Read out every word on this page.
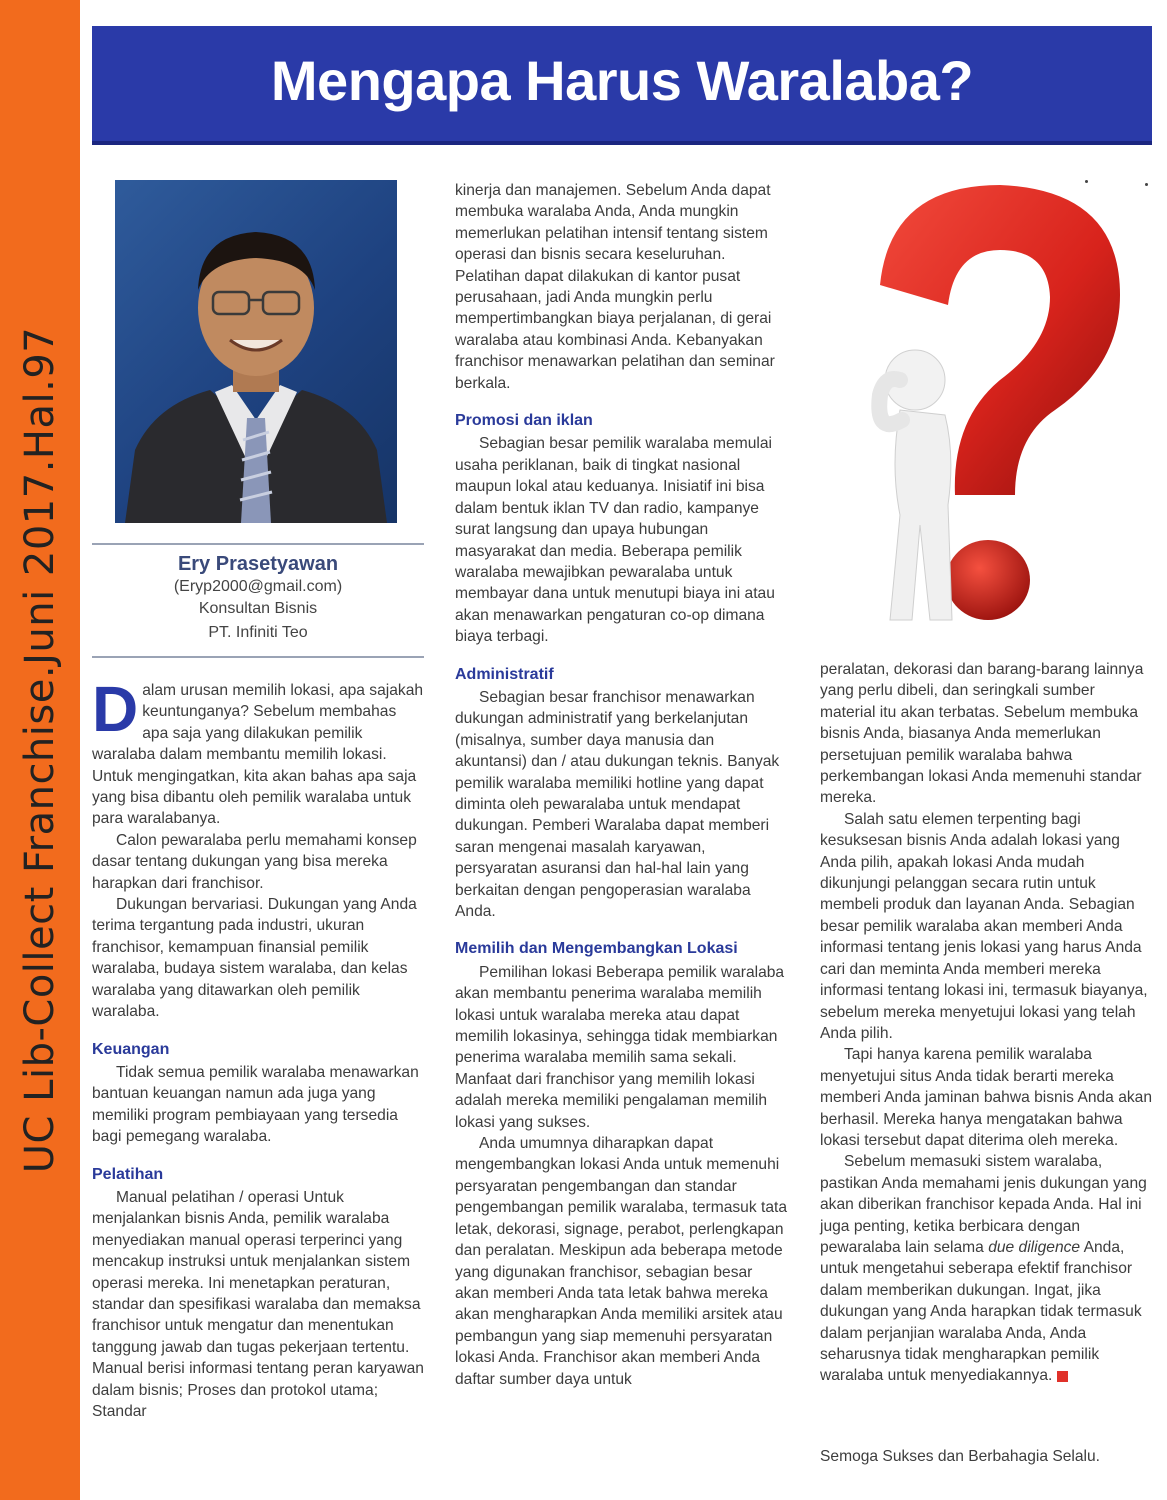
UC Lib-Collect Franchise.Juni 2017.Hal.97
Mengapa Harus Waralaba?
Ery Prasetyawan
(Eryp2000@gmail.com)
Konsultan Bisnis
PT. Infiniti Teo

Dalam urusan memilih lokasi, apa sajakah keuntunganya? Sebelum membahas apa saja yang dilakukan pemilik waralaba dalam membantu memilih lokasi. Untuk mengingatkan, kita akan bahas apa saja yang bisa dibantu oleh pemilik waralaba untuk para waralabanya.

Calon pewaralaba perlu memahami konsep dasar tentang dukungan yang bisa mereka harapkan dari franchisor.

Dukungan bervariasi. Dukungan yang Anda terima tergantung pada industri, ukuran franchisor, kemampuan finansial pemilik waralaba, budaya sistem waralaba, dan kelas waralaba yang ditawarkan oleh pemilik waralaba.

Keuangan

Tidak semua pemilik waralaba menawarkan bantuan keuangan namun ada juga yang memiliki program pembiayaan yang tersedia bagi pemegang waralaba.

Pelatihan

Manual pelatihan / operasi Untuk menjalankan bisnis Anda, pemilik waralaba menyediakan manual operasi terperinci yang mencakup instruksi untuk menjalankan sistem operasi mereka. Ini menetapkan peraturan, standar dan spesifikasi waralaba dan memaksa franchisor untuk mengatur dan menentukan tanggung jawab dan tugas pekerjaan tertentu. Manual berisi informasi tentang peran karyawan dalam bisnis; Proses dan protokol utama; Standar

kinerja dan manajemen. Sebelum Anda dapat membuka waralaba Anda, Anda mungkin memerlukan pelatihan intensif tentang sistem operasi dan bisnis secara keseluruhan. Pelatihan dapat dilakukan di kantor pusat perusahaan, jadi Anda mungkin perlu mempertimbangkan biaya perjalanan, di gerai waralaba atau kombinasi Anda. Kebanyakan franchisor menawarkan pelatihan dan seminar berkala.

Promosi dan iklan

Sebagian besar pemilik waralaba memulai usaha periklanan, baik di tingkat nasional maupun lokal atau keduanya. Inisiatif ini bisa dalam bentuk iklan TV dan radio, kampanye surat langsung dan upaya hubungan masyarakat dan media. Beberapa pemilik waralaba mewajibkan pewaralaba untuk membayar dana untuk menutupi biaya ini atau akan menawarkan pengaturan co-op dimana biaya terbagi.

Administratif

Sebagian besar franchisor menawarkan dukungan administratif yang berkelanjutan (misalnya, sumber daya manusia dan akuntansi) dan / atau dukungan teknis. Banyak pemilik waralaba memiliki hotline yang dapat diminta oleh pewaralaba untuk mendapat dukungan. Pemberi Waralaba dapat memberi saran mengenai masalah karyawan, persyaratan asuransi dan hal-hal lain yang berkaitan dengan pengoperasian waralaba Anda.

Memilih dan Mengembangkan Lokasi

Pemilihan lokasi Beberapa pemilik waralaba akan membantu penerima waralaba memilih lokasi untuk waralaba mereka atau dapat memilih lokasinya, sehingga tidak membiarkan penerima waralaba memilih sama sekali. Manfaat dari franchisor yang memilih lokasi adalah mereka memiliki pengalaman memilih lokasi yang sukses.

Anda umumnya diharapkan dapat mengembangkan lokasi Anda untuk memenuhi persyaratan pengembangan dan standar pengembangan pemilik waralaba, termasuk tata letak, dekorasi, signage, perabot, perlengkapan dan peralatan. Meskipun ada beberapa metode yang digunakan franchisor, sebagian besar akan memberi Anda tata letak bahwa mereka akan mengharapkan Anda memiliki arsitek atau pembangun yang siap memenuhi persyaratan lokasi Anda. Franchisor akan memberi Anda daftar sumber daya untuk

peralatan, dekorasi dan barang-barang lainnya yang perlu dibeli, dan seringkali sumber material itu akan terbatas. Sebelum membuka bisnis Anda, biasanya Anda memerlukan persetujuan pemilik waralaba bahwa perkembangan lokasi Anda memenuhi standar mereka.

Salah satu elemen terpenting bagi kesuksesan bisnis Anda adalah lokasi yang Anda pilih, apakah lokasi Anda mudah dikunjungi pelanggan secara rutin untuk membeli produk dan layanan Anda. Sebagian besar pemilik waralaba akan memberi Anda informasi tentang jenis lokasi yang harus Anda cari dan meminta Anda memberi mereka informasi tentang lokasi ini, termasuk biayanya, sebelum mereka menyetujui lokasi yang telah Anda pilih.

Tapi hanya karena pemilik waralaba menyetujui situs Anda tidak berarti mereka memberi Anda jaminan bahwa bisnis Anda akan berhasil. Mereka hanya mengatakan bahwa lokasi tersebut dapat diterima oleh mereka.

Sebelum memasuki sistem waralaba, pastikan Anda memahami jenis dukungan yang akan diberikan franchisor kepada Anda. Hal ini juga penting, ketika berbicara dengan pewaralaba lain selama due diligence Anda, untuk mengetahui seberapa efektif franchisor dalam memberikan dukungan. Ingat, jika dukungan yang Anda harapkan tidak termasuk dalam perjanjian waralaba Anda, Anda seharusnya tidak mengharapkan pemilik waralaba untuk menyediakannya.

Semoga Sukses dan Berbahagia Selalu.
